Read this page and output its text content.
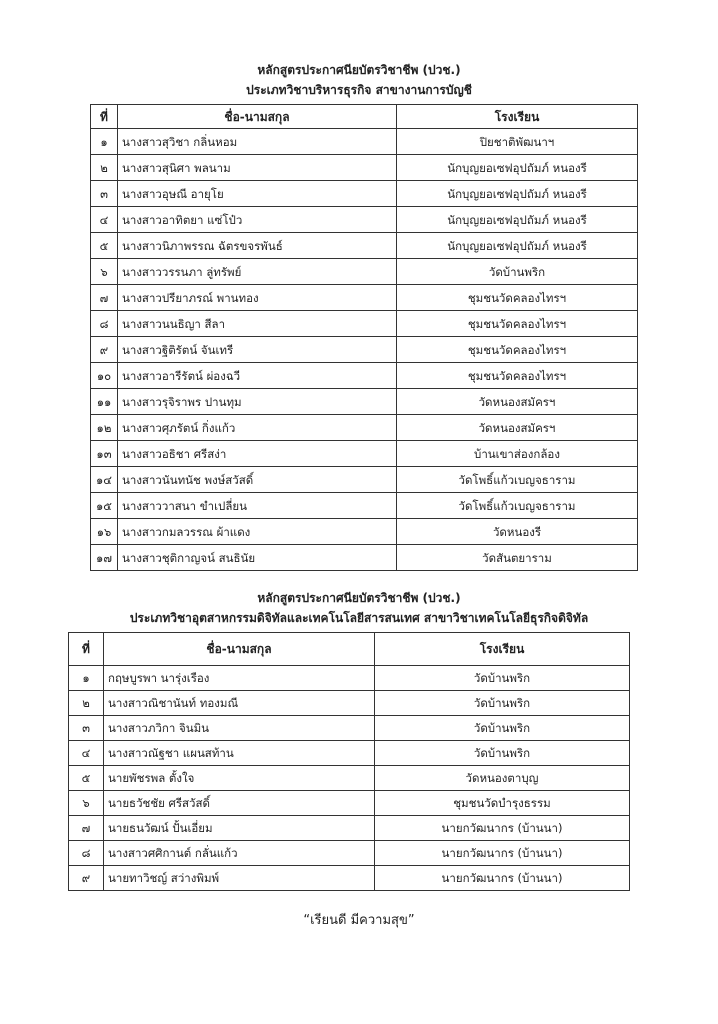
หลักสูตรประกาศนียบัตรวิชาชีพ (ปวช.)
ประเภทวิชาบริหารธุรกิจ สาขางานการบัญชี
ที่	ชื่อ-นามสกุล	โรงเรียน
๑	นางสาวสุวิชา กลิ่นหอม	ปิยชาติพัฒนาฯ
๒	นางสาวสุนิศา พลนาม	นักบุญยอเซฟอุปถัมภ์ หนองรี
๓	นางสาวอุษณี อายุโย	นักบุญยอเซฟอุปถัมภ์ หนองรี
๔	นางสาวอาทิตยา แซ่โป๋ว	นักบุญยอเซฟอุปถัมภ์ หนองรี
๕	นางสาวนิภาพรรณ ฉัตรขจรพันธ์	นักบุญยอเซฟอุปถัมภ์ หนองรี
๖	นางสาววรรนภา ลู่ทรัพย์	วัดบ้านพริก
๗	นางสาวปรียาภรณ์ พานทอง	ชุมชนวัดคลองไทรฯ
๘	นางสาวนนธิญา สีลา	ชุมชนวัดคลองไทรฯ
๙	นางสาวฐิติรัตน์ จันเทรี	ชุมชนวัดคลองไทรฯ
๑๐	นางสาวอารีรัตน์ ผ่องฉวี	ชุมชนวัดคลองไทรฯ
๑๑	นางสาวรุจิราพร ปานทุม	วัดหนองสมัครฯ
๑๒	นางสาวศุภรัตน์ กิ่งแก้ว	วัดหนองสมัครฯ
๑๓	นางสาวอธิชา ศรีสง่า	บ้านเขาส่องกล้อง
๑๔	นางสาวนันทนัช พงษ์สวัสดิ์	วัดโพธิ์แก้วเบญจธาราม
๑๕	นางสาววาสนา ขำเปลี่ยน	วัดโพธิ์แก้วเบญจธาราม
๑๖	นางสาวกมลวรรณ ผ้าแดง	วัดหนองรี
๑๗	นางสาวชุติกาญจน์ สนธินัย	วัดสันตยาราม
หลักสูตรประกาศนียบัตรวิชาชีพ (ปวช.)
ประเภทวิชาอุตสาหกรรมดิจิทัลและเทคโนโลยีสารสนเทศ สาขาวิชาเทคโนโลยีธุรกิจดิจิทัล
ที่	ชื่อ-นามสกุล	โรงเรียน
๑	กฤษบูรพา นารุ่งเรือง	วัดบ้านพริก
๒	นางสาวณิชานันท์ ทองมณี	วัดบ้านพริก
๓	นางสาวภวิกา จินมิน	วัดบ้านพริก
๔	นางสาวณัฐชา แผนสท้าน	วัดบ้านพริก
๕	นายพัชรพล ตั้งใจ	วัดหนองตาบุญ
๖	นายธวัชชัย ศรีสวัสดิ์	ชุมชนวัดบำรุงธรรม
๗	นายธนวัฒน์ ปั้นเอี่ยม	นายกวัฒนากร (บ้านนา)
๘	นางสาวศศิกานต์ กลั่นแก้ว	นายกวัฒนากร (บ้านนา)
๙	นายทาวิชญ์ สว่างพิมพ์	นายกวัฒนากร (บ้านนา)
“เรียนดี มีความสุข”
